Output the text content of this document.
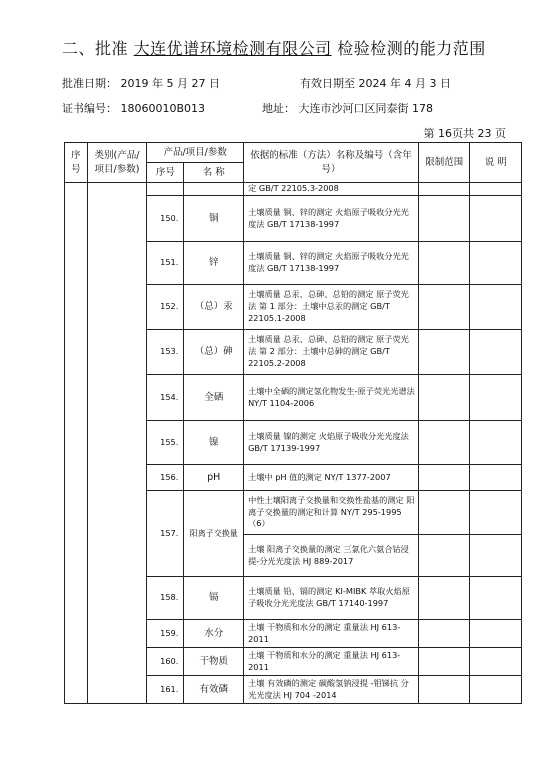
二、批准 大连优谱环境检测有限公司 检验检测的能力范围
批准日期： 2019 年 5 月 27 日	有效日期至 2024 年 4 月 3 日
证书编号： 18060010B013	地址： 大连市沙河口区同泰街 178
第 16页共 23 页
序号	类别(产品/项目/参数)	产品/项目/参数		依据的标准（方法）名称及编号（含年号）	限制范围	说 明
		序号	名 称			
				定 GB/T 22105.3-2008		
		150.	铜	土壤质量 铜、锌的测定 火焰原子吸收分光光度法 GB/T 17138-1997		
		151.	锌	土壤质量 铜、锌的测定 火焰原子吸收分光光度法 GB/T 17138-1997		
		152.	（总）汞	土壤质量 总汞、总砷、总铅的测定 原子荧光法 第 1 部分：土壤中总汞的测定 GB/T 22105.1-2008		
		153.	（总）砷	土壤质量 总汞、总砷、总铅的测定 原子荧光法 第 2 部分：土壤中总砷的测定 GB/T 22105.2-2008		
		154.	全硒	土壤中全硒的测定氢化物发生-原子荧光光谱法 NY/T 1104-2006		
		155.	镍	土壤质量 镍的测定 火焰原子吸收分光光度法 GB/T 17139-1997		
		156.	pH	土壤中 pH 值的测定 NY/T 1377-2007		
		157.	阳离子交换量	中性土壤阳离子交换量和交换性盐基的测定 阳离子交换量的测定和计算 NY/T 295-1995（6）		
				土壤 阳离子交换量的测定 三氯化六氨合钴浸提-分光光度法 HJ 889-2017		
		158.	镉	土壤质量 铅、镉的测定 KI-MIBK 萃取火焰原子吸收分光光度法 GB/T 17140-1997		
		159.	水分	土壤 干物质和水分的测定 重量法 HJ 613-2011		
		160.	干物质	土壤 干物质和水分的测定 重量法 HJ 613-2011		
		161.	有效磷	土壤 有效磷的测定 碳酸氢钠浸提 -钼锑抗 分光光度法 HJ 704 -2014		
